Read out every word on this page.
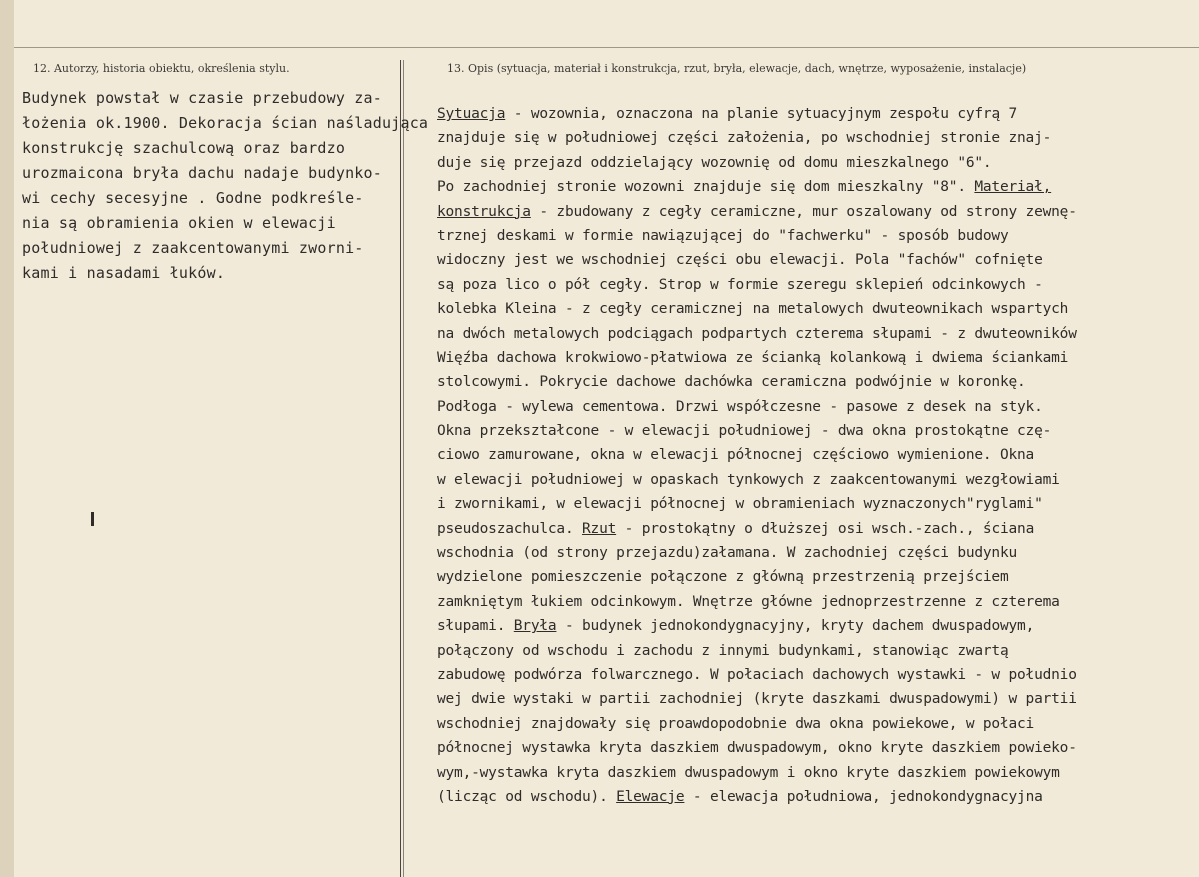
12. Autorzy, historia obiektu, określenia stylu.	13. Opis (sytuacja, materiał i konstrukcja, rzut, bryła, elewacje, dach, wnętrze, wyposażenie, instalacje)
Budynek powstał w czasie przebudowy za-
łożenia ok.1900. Dekoracja ścian naśladująca
konstrukcję szachulcową oraz bardzo
urozmaicona bryła dachu nadaje budynko-
wi cechy secesyjne . Godne podkreśle-
nia są obramienia okien w elewacji
południowej z zaakcentowanymi zworni-
kami i nasadami łuków.
Sytuacja - wozownia, oznaczona na planie sytuacyjnym zespołu cyfrą 7
znajduje się w południowej części założenia, po wschodniej stronie znaj-
duje się przejazd oddzielający wozownię od domu mieszkalnego "6".
Po zachodniej stronie wozowni znajduje się dom mieszkalny "8". Materiał,
konstrukcja - zbudowany z cegły ceramiczne, mur oszalowany od strony zewnę-
trznej deskami w formie nawiązującej do "fachwerku" - sposób budowy
widoczny jest we wschodniej części obu elewacji. Pola "fachów" cofnięte
są poza lico o pół cegły. Strop w formie szeregu sklepień odcinkowych -
kolebka Kleina - z cegły ceramicznej na metalowych dwuteownikach wspartych
na dwóch metalowych podciągach podpartych czterema słupami - z dwuteowników
Więźba dachowa krokwiowo-płatwiowa ze ścianką kolankową i dwiema ściankami
stolcowymi. Pokrycie dachowe dachówka ceramiczna podwójnie w koronkę.
Podłoga - wylewa cementowa. Drzwi współczesne - pasowe z desek na styk.
Okna przekształcone - w elewacji południowej - dwa okna prostokątne czę-
ciowo zamurowane, okna w elewacji północnej częściowo wymienione. Okna
w elewacji południowej w opaskach tynkowych z zaakcentowanymi wezgłowiami
i zwornikami, w elewacji północnej w obramieniach wyznaczonych"ryglami"
pseudoszachulca. Rzut - prostokątny o dłuższej osi wsch.-zach., ściana
wschodnia (od strony przejazdu)załamana. W zachodniej części budynku
wydzielone pomieszczenie połączone z główną przestrzenią przejściem
zamkniętym łukiem odcinkowym. Wnętrze główne jednoprzestrzenne z czterema
słupami. Bryła - budynek jednokondygnacyjny, kryty dachem dwuspadowym,
połączony od wschodu i zachodu z innymi budynkami, stanowiąc zwartą
zabudowę podwórza folwarcznego. W połaciach dachowych wystawki - w południo
wej dwie wystaki w partii zachodniej (kryte daszkami dwuspadowymi) w partii
wschodniej znajdowały się proawdopodobnie dwa okna powiekowe, w połaci
północnej wystawka kryta daszkiem dwuspadowym, okno kryte daszkiem powieko-
wym,-wystawka kryta daszkiem dwuspadowym i okno kryte daszkiem powiekowym
(licząc od wschodu). Elewacje - elewacja południowa, jednokondygnacyjna
